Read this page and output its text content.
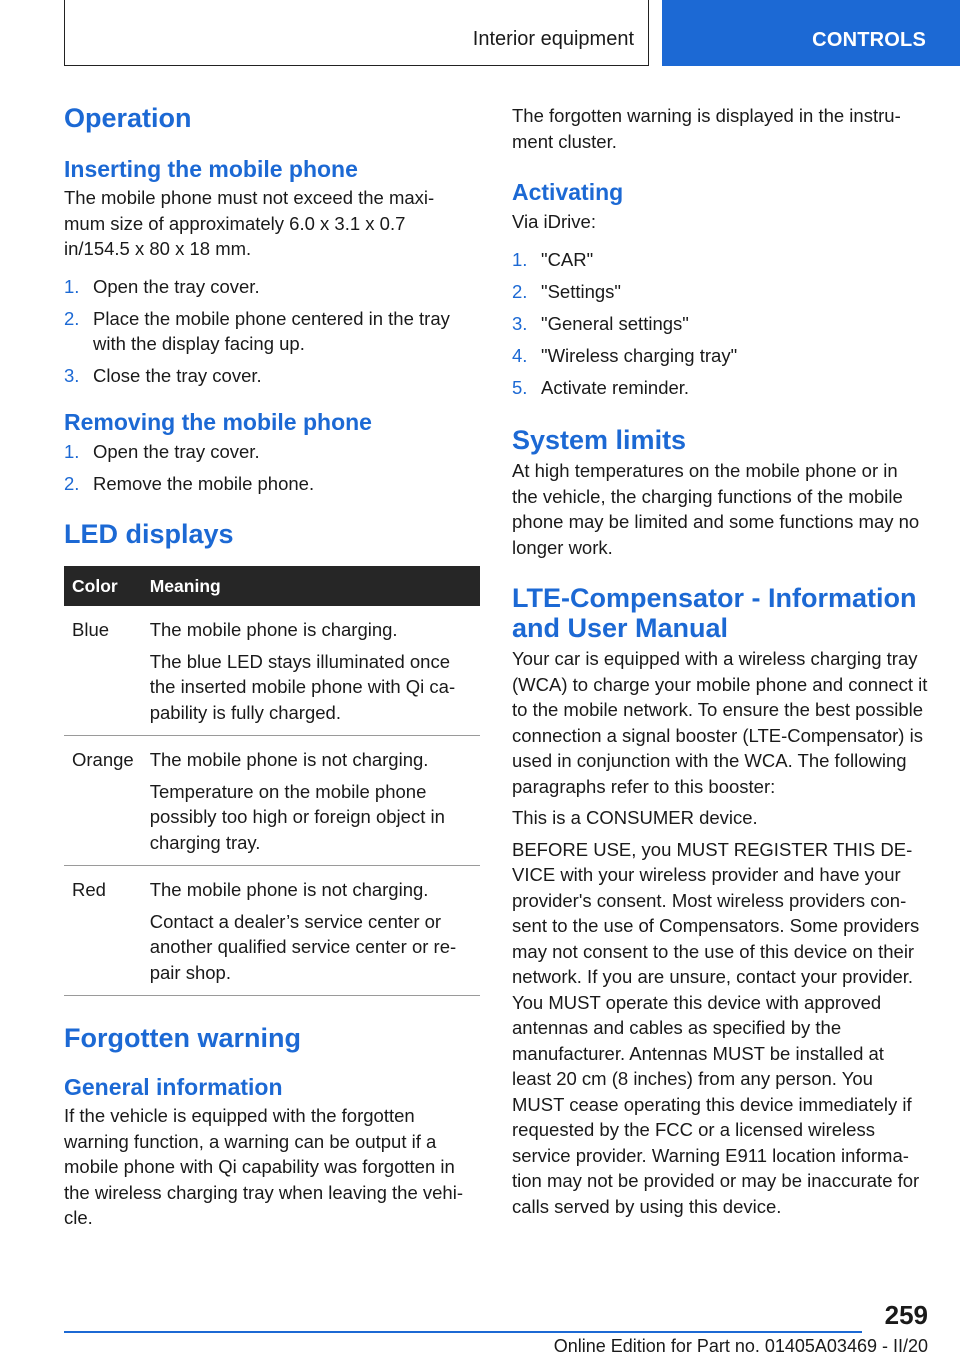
Interior equipment	CONTROLS
Operation
Inserting the mobile phone

The mobile phone must not exceed the maximum size of approximately 6.0 x 3.1 x 0.7 in/154.5 x 80 x 18 mm.

1. Open the tray cover.
2. Place the mobile phone centered in the tray with the display facing up.
3. Close the tray cover.
Removing the mobile phone
1. Open the tray cover.
2. Remove the mobile phone.
LED displays
Color	Meaning

Blue	The mobile phone is charging.

The blue LED stays illuminated once the inserted mobile phone with Qi capability is fully charged.

Orange	The mobile phone is not charging.

Temperature on the mobile phone possibly too high or foreign object in charging tray.

Red	The mobile phone is not charging.

Contact a dealer’s service center or another qualified service center or repair shop.

Forgotten warning
General information

If the vehicle is equipped with the forgotten warning function, a warning can be output if a mobile phone with Qi capability was forgotten in the wireless charging tray when leaving the vehicle.

The forgotten warning is displayed in the instrument cluster.

Activating

Via iDrive:

1. "CAR"
2. "Settings"
3. "General settings"
4. "Wireless charging tray"
5. Activate reminder.
System limits

At high temperatures on the mobile phone or in the vehicle, the charging functions of the mobile phone may be limited and some functions may no longer work.

LTE-Compensator - Information and User Manual

Your car is equipped with a wireless charging tray (WCA) to charge your mobile phone and connect it to the mobile network. To ensure the best possible connection a signal booster (LTE-Compensator) is used in conjunction with the WCA. The following paragraphs refer to this booster:

This is a CONSUMER device.

BEFORE USE, you MUST REGISTER THIS DEVICE with your wireless provider and have your provider's consent. Most wireless providers consent to the use of Compensators. Some providers may not consent to the use of this device on their network. If you are unsure, contact your provider. You MUST operate this device with approved antennas and cables as specified by the manufacturer. Antennas MUST be installed at least 20 cm (8 inches) from any person. You MUST cease operating this device immediately if requested by the FCC or a licensed wireless service provider. Warning E911 location information may not be provided or may be inaccurate for calls served by using this device.

259
Online Edition for Part no. 01405A03469 - II/20
